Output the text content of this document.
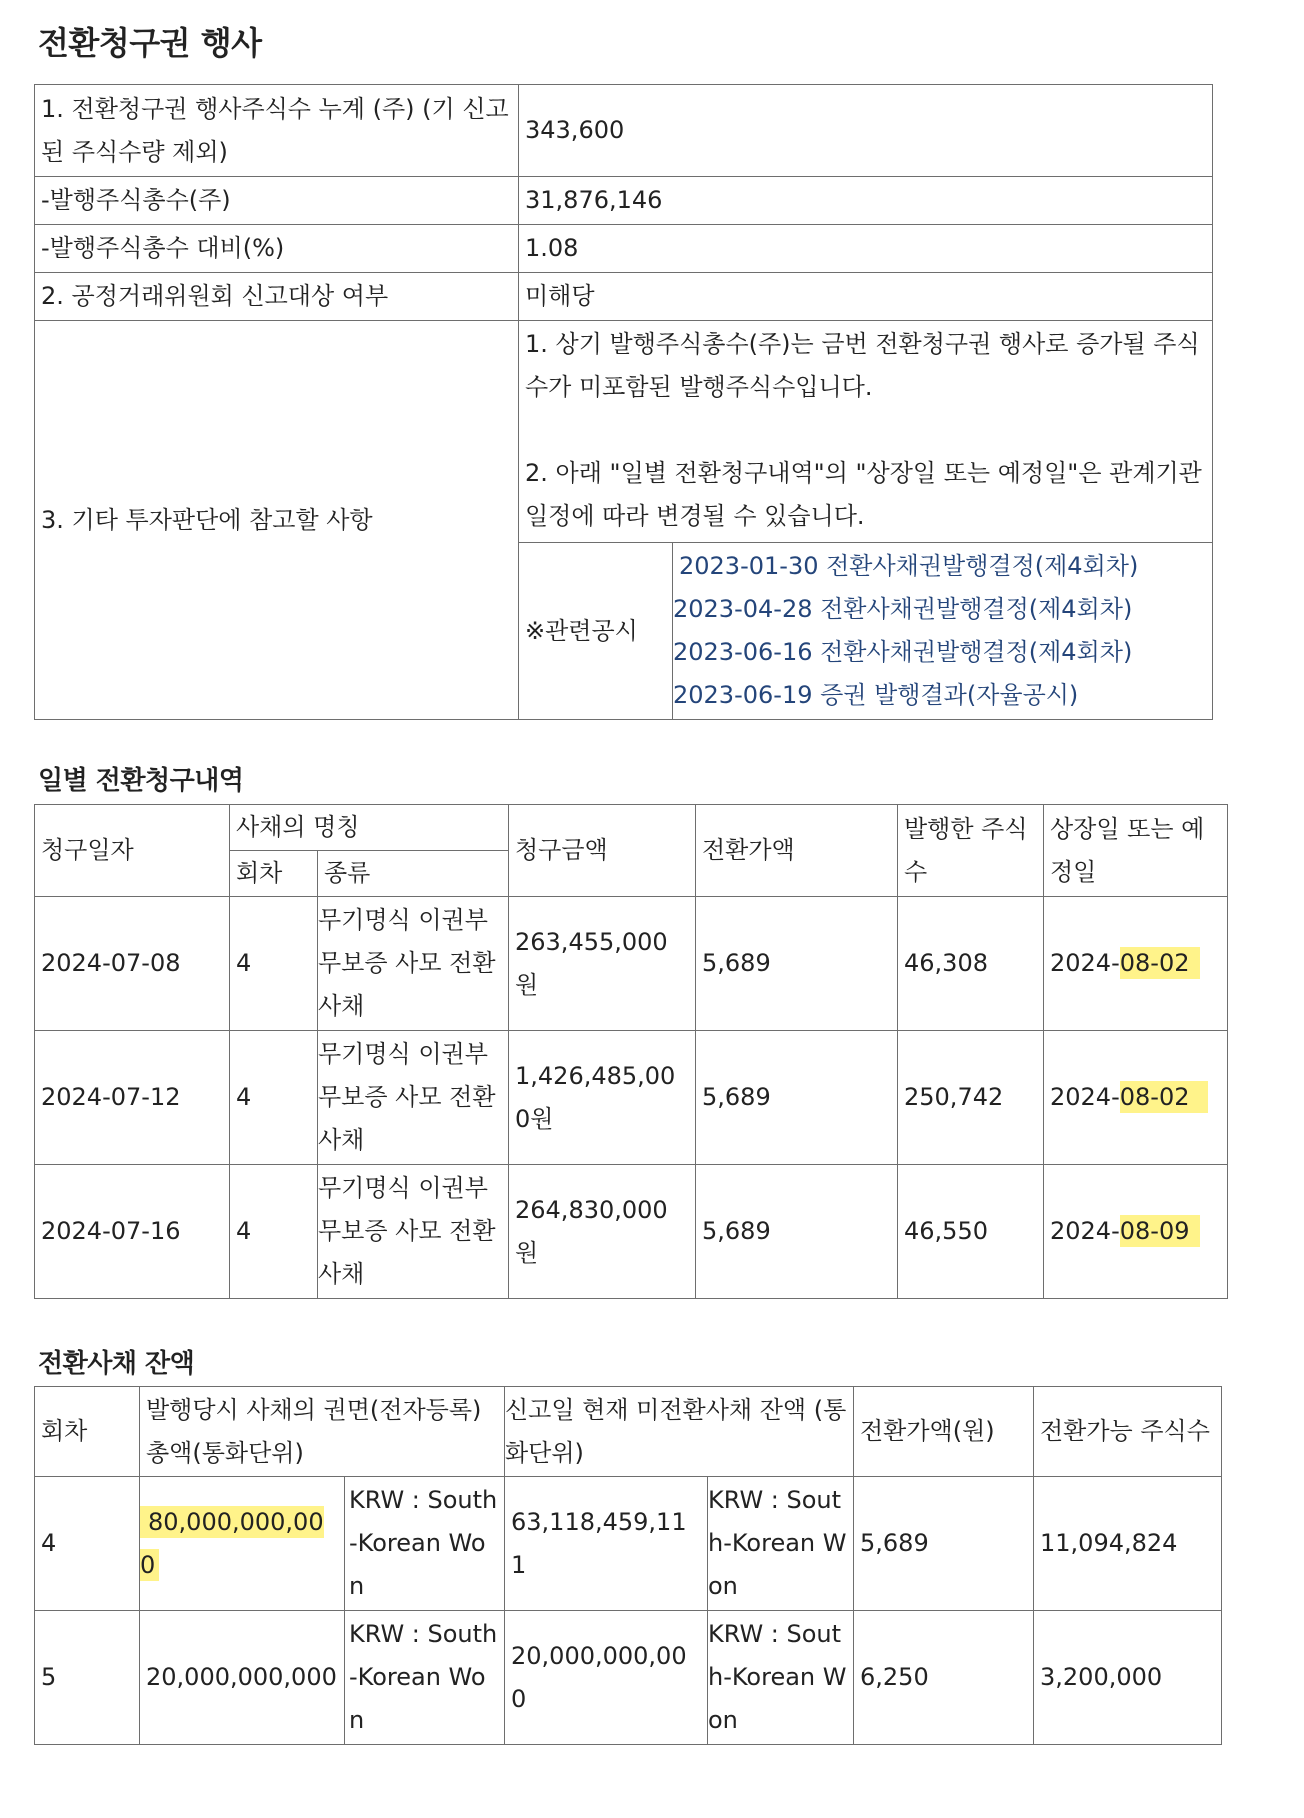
전환청구권 행사
1. 전환청구권 행사주식수 누계 (주) (기 신고된 주식수량 제외)	343,600	
-발행주식총수(주)	31,876,146	
-발행주식총수 대비(%)	1.08	
2. 공정거래위원회 신고대상 여부	미해당	
3. 기타 투자판단에 참고할 사항	1. 상기 발행주식총수(주)는 금번 전환청구권 행사로 증가될 주식수가 미포함된 발행주식수입니다.
2. 아래 "일별 전환청구내역"의 "상장일 또는 예정일"은 관계기관 일정에 따라 변경될 수 있습니다.	

	※관련공시	2023-01-30 전환사채권발행결정(제4회차)
2023-04-28 전환사채권발행결정(제4회차)
2023-06-16 전환사채권발행결정(제4회차)
2023-06-19 증권 발행결과(자율공시)
일별 전환청구내역
청구일자	사채의 명칭		청구금액	전환가액	발행한 주식수	상장일 또는 예정일
	회차	종류				
2024-07-08	4	무기명식 이권부 무보증 사모 전환사채	263,455,000원	5,689	46,308	2024-08-02
2024-07-12	4	무기명식 이권부 무보증 사모 전환사채	1,426,485,000원	5,689	250,742	2024-08-02
2024-07-16	4	무기명식 이권부 무보증 사모 전환사채	264,830,000원	5,689	46,550	2024-08-09
전환사채 잔액
회차	발행당시 사채의 권면(전자등록)총액(통화단위)		신고일 현재 미전환사채 잔액 (통화단위)		전환가액(원)	전환가능 주식수
4	80,000,000,000	KRW : South-Korean Won	63,118,459,111	KRW : South-Korean Won	5,689	11,094,824
5	20,000,000,000	KRW : South-Korean Won	20,000,000,000	KRW : South-Korean Won	6,250	3,200,000
